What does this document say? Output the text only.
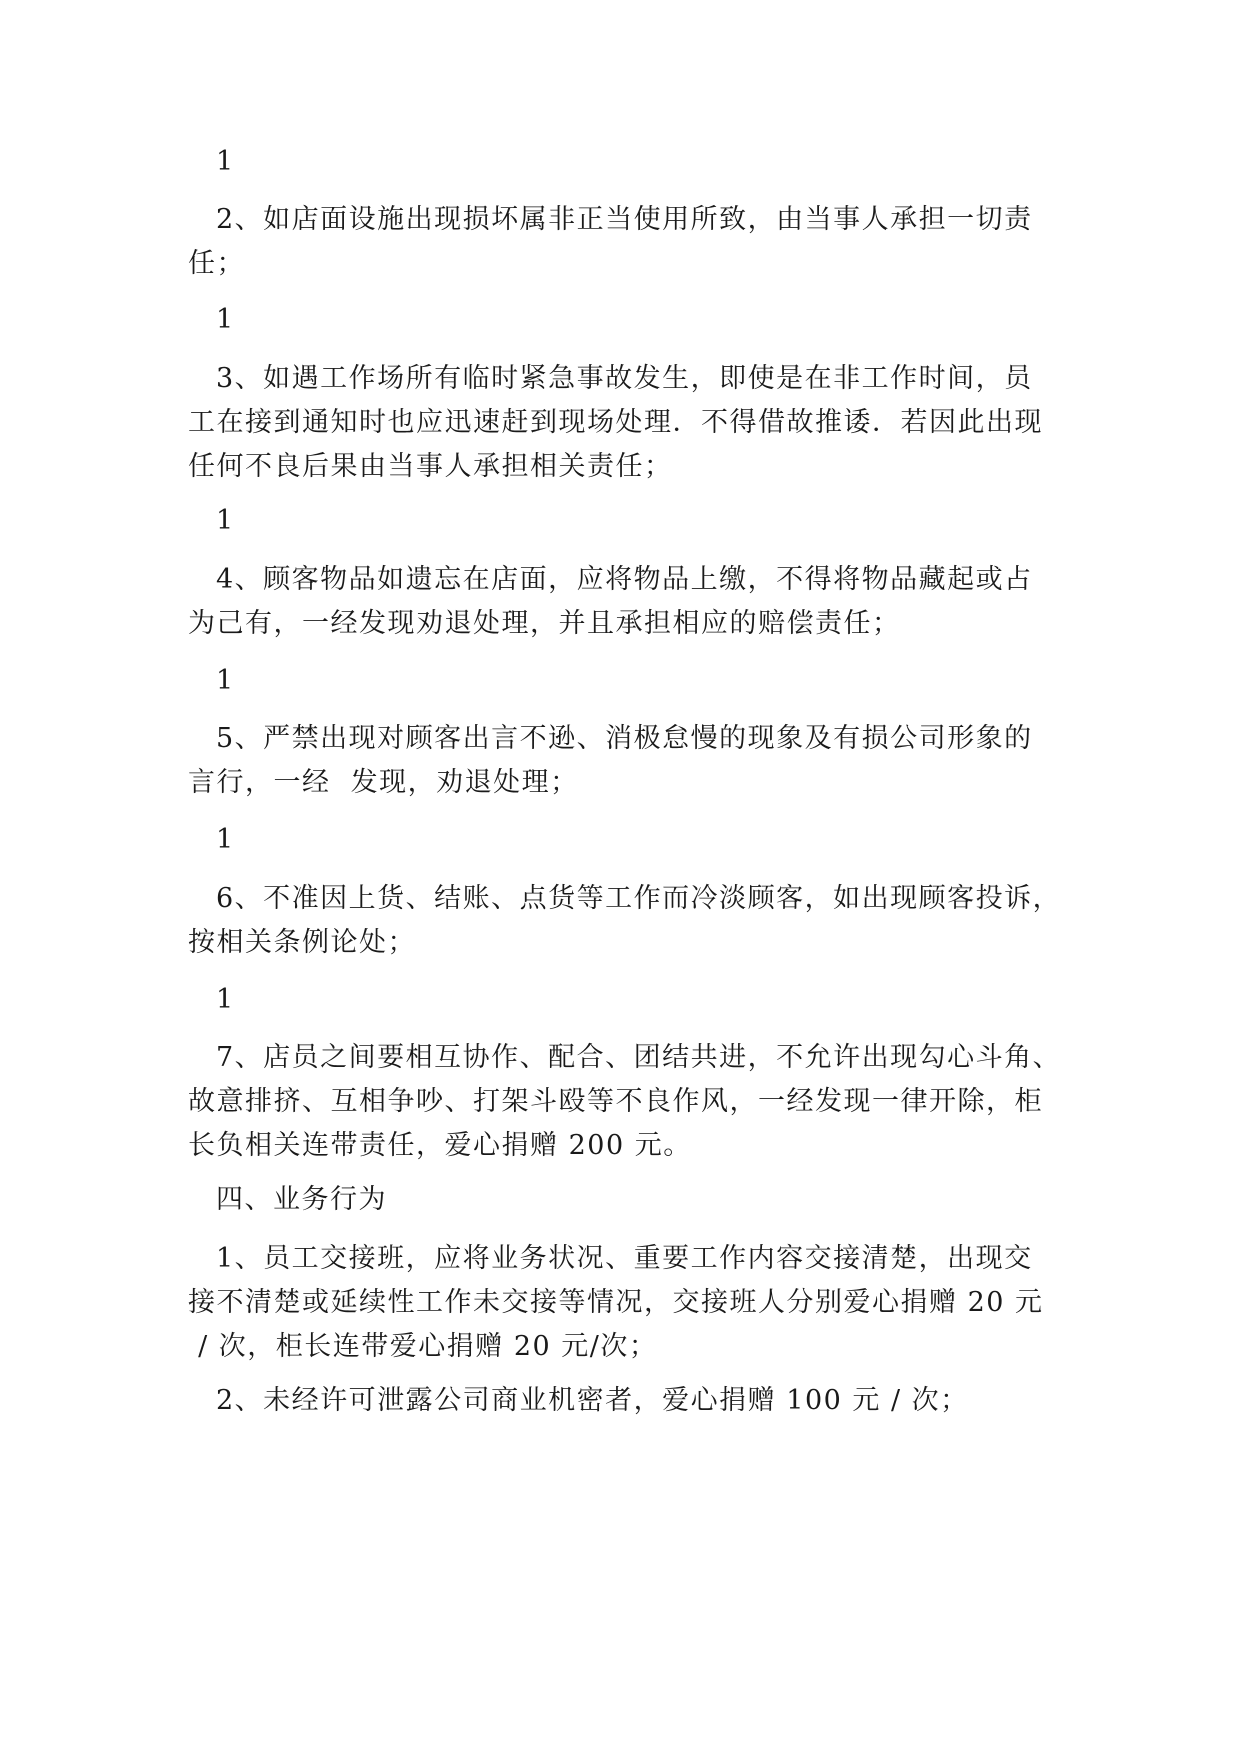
1

2、如店面设施出现损坏属非正当使用所致，由当事人承担一切责
任；

1

3、如遇工作场所有临时紧急事故发生，即使是在非工作时间，员
工在接到通知时也应迅速赶到现场处理．不得借故推诿．若因此出现
任何不良后果由当事人承担相关责任；

1

4、顾客物品如遗忘在店面，应将物品上缴，不得将物品藏起或占
为己有，一经发现劝退处理，并且承担相应的赔偿责任；

1

5、严禁出现对顾客出言不逊、消极怠慢的现象及有损公司形象的
言行，一经  发现，劝退处理；

1

6、不准因上货、结账、点货等工作而冷淡顾客，如出现顾客投诉，
按相关条例论处；

1

7、店员之间要相互协作、配合、团结共进，不允许出现勾心斗角、
故意排挤、互相争吵、打架斗殴等不良作风，一经发现一律开除，柜
长负相关连带责任，爱心捐赠 200 元。

四、业务行为

1、员工交接班，应将业务状况、重要工作内容交接清楚，出现交
接不清楚或延续性工作未交接等情况，交接班人分别爱心捐赠 20 元
/ 次，柜长连带爱心捐赠 20 元/次；

2、未经许可泄露公司商业机密者，爱心捐赠 100 元 / 次；
